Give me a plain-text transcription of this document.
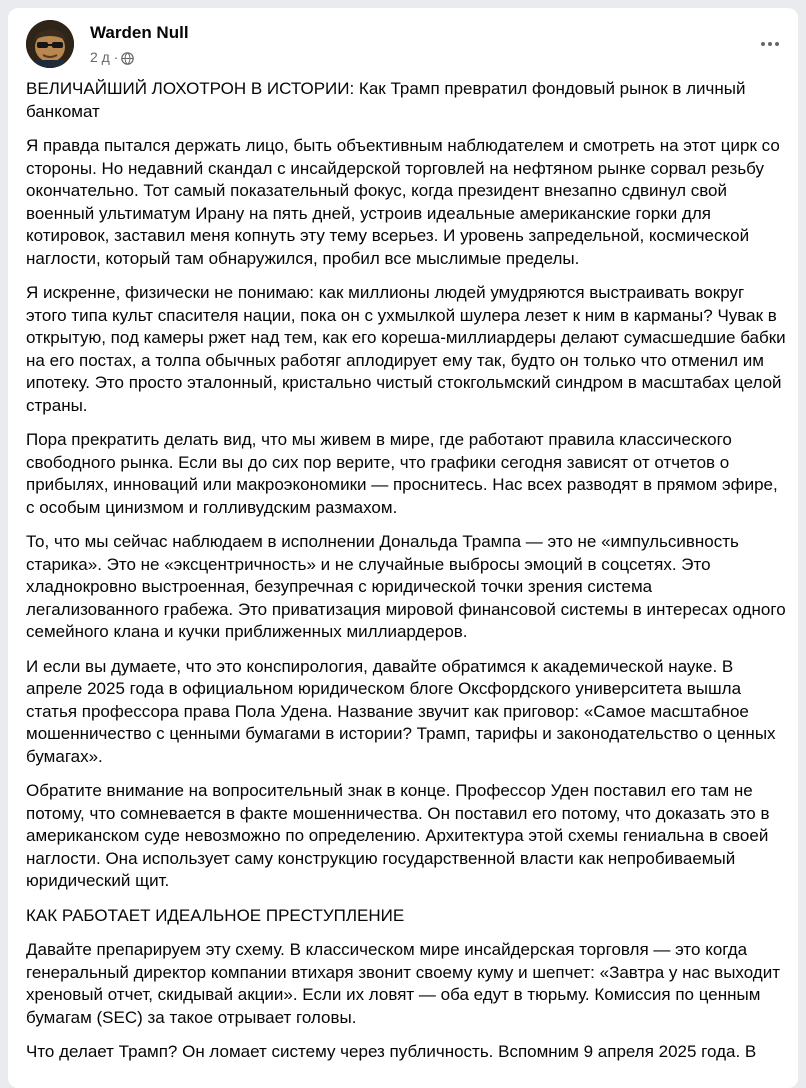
Warden Null

2 д ·

ВЕЛИЧАЙШИЙ ЛОХОТРОН В ИСТОРИИ: Как Трамп превратил фондовый рынок в личный банкомат

Я правда пытался держать лицо, быть объективным наблюдателем и смотреть на этот цирк со стороны. Но недавний скандал с инсайдерской торговлей на нефтяном рынке сорвал резьбу окончательно. Тот самый показательный фокус, когда президент внезапно сдвинул свой военный ультиматум Ирану на пять дней, устроив идеальные американские горки для котировок, заставил меня копнуть эту тему всерьез. И уровень запредельной, космической наглости, который там обнаружился, пробил все мыслимые пределы.

Я искренне, физически не понимаю: как миллионы людей умудряются выстраивать вокруг этого типа культ спасителя нации, пока он с ухмылкой шулера лезет к ним в карманы? Чувак в открытую, под камеры ржет над тем, как его кореша-миллиардеры делают сумасшедшие бабки на его постах, а толпа обычных работяг аплодирует ему так, будто он только что отменил им ипотеку. Это просто эталонный, кристально чистый стокгольмский синдром в масштабах целой страны.

Пора прекратить делать вид, что мы живем в мире, где работают правила классического свободного рынка. Если вы до сих пор верите, что графики сегодня зависят от отчетов о прибылях, инноваций или макроэкономики — проснитесь. Нас всех разводят в прямом эфире, с особым цинизмом и голливудским размахом.

То, что мы сейчас наблюдаем в исполнении Дональда Трампа — это не «импульсивность старика». Это не «эксцентричность» и не случайные выбросы эмоций в соцсетях. Это хладнокровно выстроенная, безупречная с юридической точки зрения система легализованного грабежа. Это приватизация мировой финансовой системы в интересах одного семейного клана и кучки приближенных миллиардеров.

И если вы думаете, что это конспирология, давайте обратимся к академической науке. В апреле 2025 года в официальном юридическом блоге Оксфордского университета вышла статья профессора права Пола Удена. Название звучит как приговор: «Самое масштабное мошенничество с ценными бумагами в истории? Трамп, тарифы и законодательство о ценных бумагах».

Обратите внимание на вопросительный знак в конце. Профессор Уден поставил его там не потому, что сомневается в факте мошенничества. Он поставил его потому, что доказать это в американском суде невозможно по определению. Архитектура этой схемы гениальна в своей наглости. Она использует саму конструкцию государственной власти как непробиваемый юридический щит.

КАК РАБОТАЕТ ИДЕАЛЬНОЕ ПРЕСТУПЛЕНИЕ

Давайте препарируем эту схему. В классическом мире инсайдерская торговля — это когда генеральный директор компании втихаря звонит своему куму и шепчет: «Завтра у нас выходит хреновый отчет, скидывай акции». Если их ловят — оба едут в тюрьму. Комиссия по ценным бумагам (SEC) за такое отрывает головы.

Что делает Трамп? Он ломает систему через публичность. Вспомним 9 апреля 2025 года. В
